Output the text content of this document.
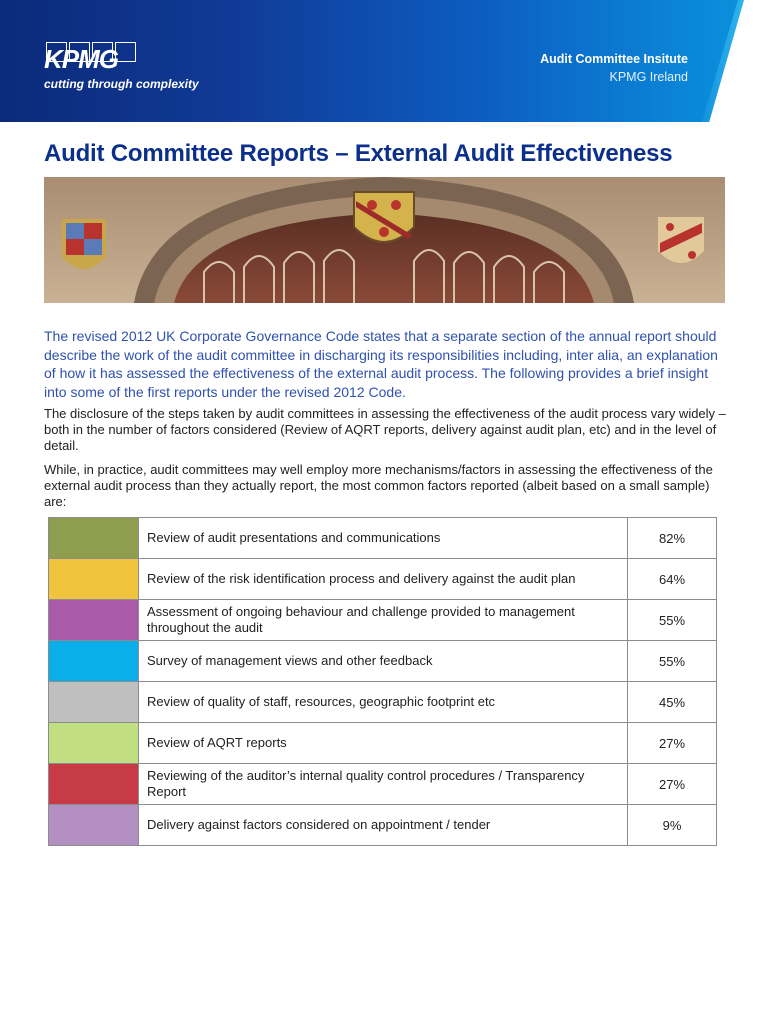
KPMG
cutting through complexity
Audit Committee Insitute
KPMG Ireland
Audit Committee Reports – External Audit Effectiveness
The revised 2012 UK Corporate Governance Code states that a separate section of the annual report should describe the work of the audit committee in discharging its responsibilities including, inter alia, an explanation of how it has assessed the effectiveness of the external audit process. The following provides a brief insight into some of the first reports under the revised 2012 Code.
The disclosure of the steps taken by audit committees in assessing the effectiveness of the audit process vary widely – both in the number of factors considered (Review of AQRT reports, delivery against audit plan, etc) and in the level of detail.
While, in practice, audit committees may well employ more mechanisms/factors in assessing the effectiveness of the external audit process than they actually report, the most common factors reported (albeit based on a small sample) are:
	Review of audit presentations and communications	82%

	Review of the risk identification process and delivery against the audit plan	64%

	Assessment of ongoing behaviour and challenge provided to management throughout the audit	55%

	Survey of management views and other feedback	55%

	Review of quality of staff, resources, geographic footprint etc	45%

	Review of AQRT reports	27%

	Reviewing of the auditor’s internal quality control procedures / Transparency Report	27%

	Delivery against factors considered on appointment / tender	9%
